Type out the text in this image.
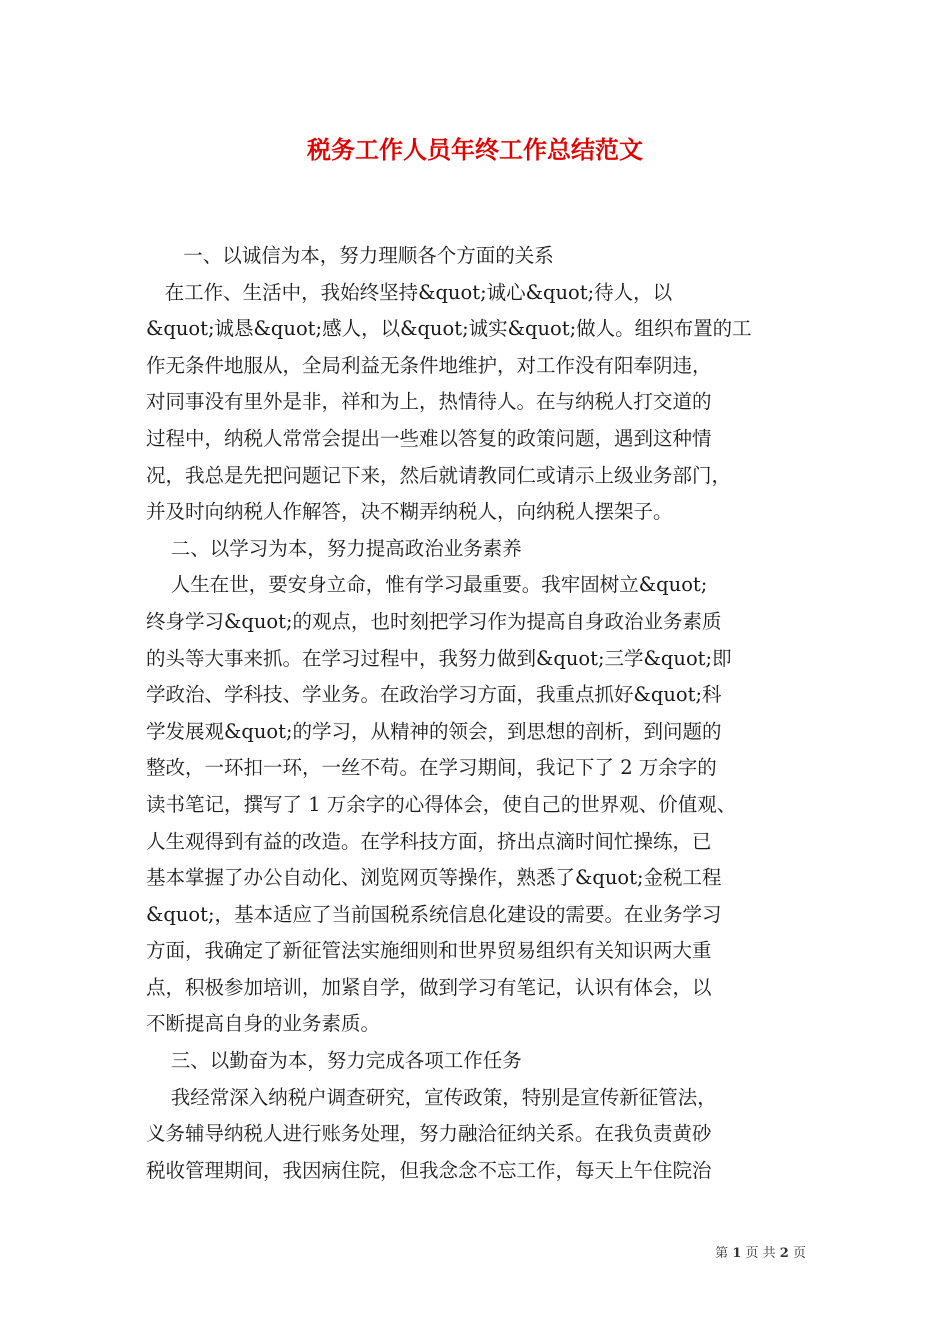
税务工作人员年终工作总结范文
一、以诚信为本，努力理顺各个方面的关系
在工作、生活中，我始终坚持&quot;诚心&quot;待人，以
&quot;诚恳&quot;感人，以&quot;诚实&quot;做人。组织布置的工
作无条件地服从，全局利益无条件地维护，对工作没有阳奉阴违，
对同事没有里外是非，祥和为上，热情待人。在与纳税人打交道的
过程中，纳税人常常会提出一些难以答复的政策问题，遇到这种情
况，我总是先把问题记下来，然后就请教同仁或请示上级业务部门，
并及时向纳税人作解答，决不糊弄纳税人，向纳税人摆架子。
二、以学习为本，努力提高政治业务素养
人生在世，要安身立命，惟有学习最重要。我牢固树立&quot;
终身学习&quot;的观点，也时刻把学习作为提高自身政治业务素质
的头等大事来抓。在学习过程中，我努力做到&quot;三学&quot;即
学政治、学科技、学业务。在政治学习方面，我重点抓好&quot;科
学发展观&quot;的学习，从精神的领会，到思想的剖析，到问题的
整改，一环扣一环，一丝不苟。在学习期间，我记下了 2 万余字的
读书笔记，撰写了 1 万余字的心得体会，使自己的世界观、价值观、
人生观得到有益的改造。在学科技方面，挤出点滴时间忙操练，已
基本掌握了办公自动化、浏览网页等操作，熟悉了&quot;金税工程
&quot;，基本适应了当前国税系统信息化建设的需要。在业务学习
方面，我确定了新征管法实施细则和世界贸易组织有关知识两大重
点，积极参加培训，加紧自学，做到学习有笔记，认识有体会，以
不断提高自身的业务素质。
三、以勤奋为本，努力完成各项工作任务
我经常深入纳税户调查研究，宣传政策，特别是宣传新征管法，
义务辅导纳税人进行账务处理，努力融洽征纳关系。在我负责黄砂
税收管理期间，我因病住院，但我念念不忘工作，每天上午住院治
第 1 页 共 2 页
